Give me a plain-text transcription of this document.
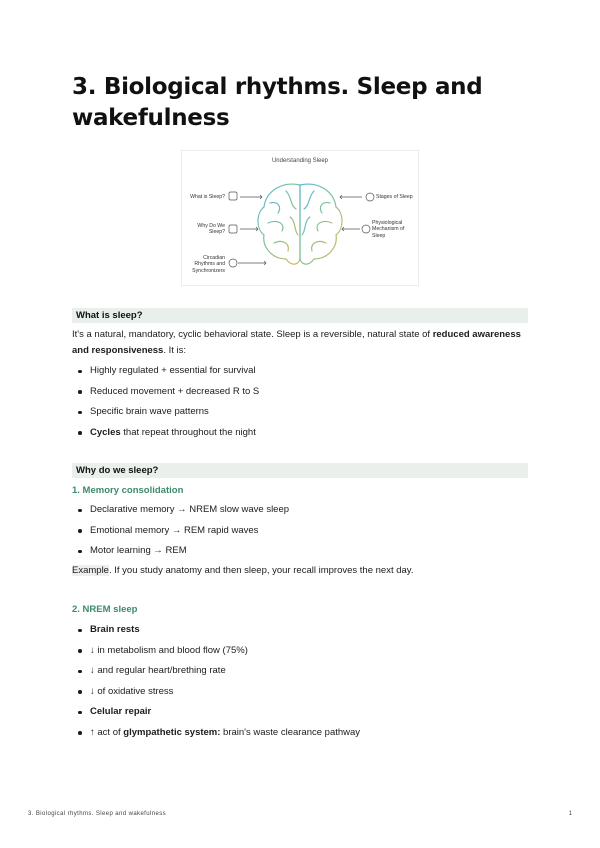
3. Biological rhythms. Sleep and wakefulness
Understanding Sleep
What is Sleep?
Why Do We Sleep?
Circadian Rhythms and Synchronizers
Stages of Sleep
Physiological Mechanism of Sleep
What is sleep?

It's a natural, mandatory, cyclic behavioral state. Sleep is a reversible, natural state of reduced awareness and responsiveness. It is:

Highly regulated + essential for survival
Reduced movement + decreased R to S
Specific brain wave patterns
Cycles that repeat throughout the night
Why do we sleep?
1. Memory consolidation
Declarative memory → NREM slow wave sleep
Emotional memory → REM rapid waves
Motor learning → REM

Example. If you study anatomy and then sleep, your recall improves the next day.

2. NREM sleep
Brain rests
↓ in metabolism and blood flow (75%)
↓ and regular heart/brething rate
↓ of oxidative stress
Celular repair
↑ act of glympathetic system: brain's waste clearance pathway
3. Biological rhythms. Sleep and wakefulness	1
